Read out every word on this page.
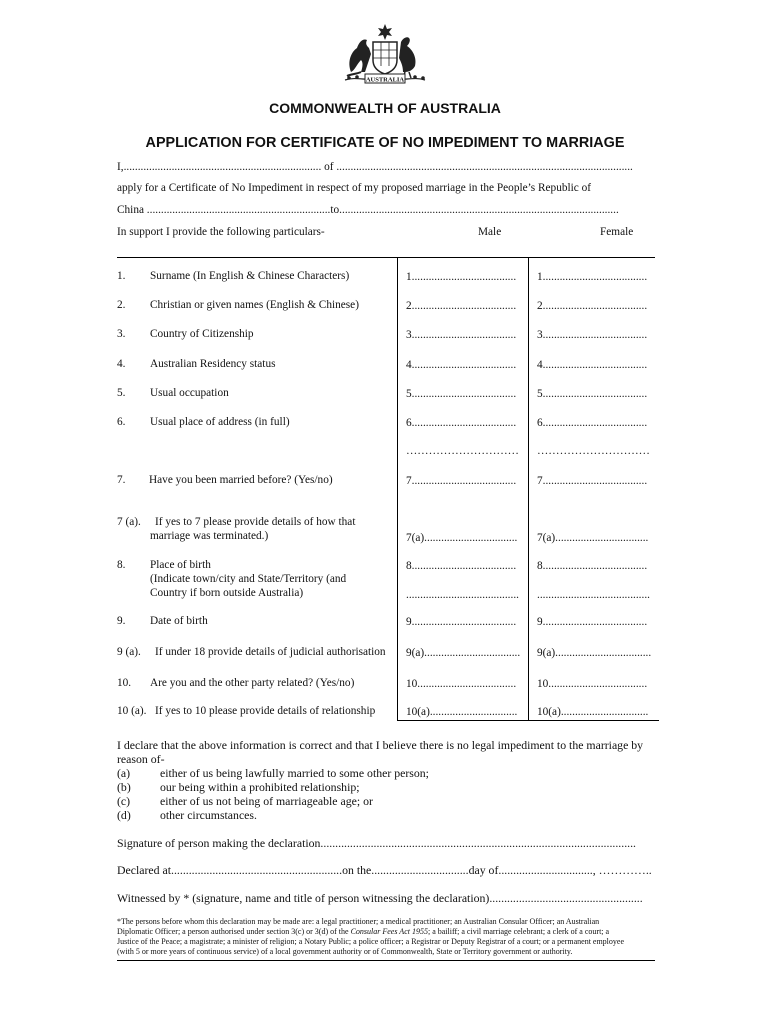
AUSTRALIA
COMMONWEALTH OF AUSTRALIA
APPLICATION FOR CERTIFICATE OF NO IMPEDIMENT TO MARRIAGE
I,...................................................................... of .........................................................................................................
apply for a Certificate of No Impediment in respect of my proposed marriage in the People’s Republic of
China .................................................................to...................................................................................................
In support I provide the following particulars-	Male	Female
1. Surname (In English & Chinese Characters)	1..................................... 1.....................................
2. Christian or given names (English & Chinese)	2..................................... 2.....................................
3. Country of Citizenship	3..................................... 3.....................................
4. Australian Residency status	4..................................... 4.....................................
5. Usual occupation	5..................................... 5.....................................
6. Usual place of address (in full)	6..................................... 6.....................................
………………………… …………………………
7. Have you been married before? (Yes/no)	7..................................... 7.....................................
7 (a). If yes to 7 please provide details of how that
marriage was terminated.)	7(a)................................. 7(a).................................
8. Place of birth
(Indicate town/city and State/Territory (and
Country if born outside Australia)
8..................................... 8.....................................
........................................ ........................................
9. Date of birth	9..................................... 9.....................................
9 (a). If under 18 provide details of judicial authorisation 9(a).................................. 9(a)..................................
10. Are you and the other party related? (Yes/no)	10................................... 10...................................
10 (a). If yes to 10 please provide details of relationship	10(a)............................... 10(a)...............................
I declare that the above information is correct and that I believe there is no legal impediment to the marriage by
reason of-
(a)	either of us being lawfully married to some other person;
(b) our being within a prohibited relationship;
(c)	either of us not being of marriageable age; or
(d) other circumstances.
Signature of person making the declaration...........................................................................................................
Declared at..........................................................on the.................................day of................................, …………..
Witnessed by * (signature, name and title of person witnessing the declaration)....................................................
*The persons before whom this declaration may be made are: a legal practitioner; a medical practitioner; an Australian Consular Officer; an Australian
Diplomatic Officer; a person authorised under section 3(c) or 3(d) of the Consular Fees Act 1955; a bailiff; a civil marriage celebrant; a clerk of a court; a
Justice of the Peace; a magistrate; a minister of religion; a Notary Public; a police officer; a Registrar or Deputy Registrar of a court; or a permanent employee
(with 5 or more years of continuous service) of a local government authority or of Commonwealth, State or Territory government or authority.
